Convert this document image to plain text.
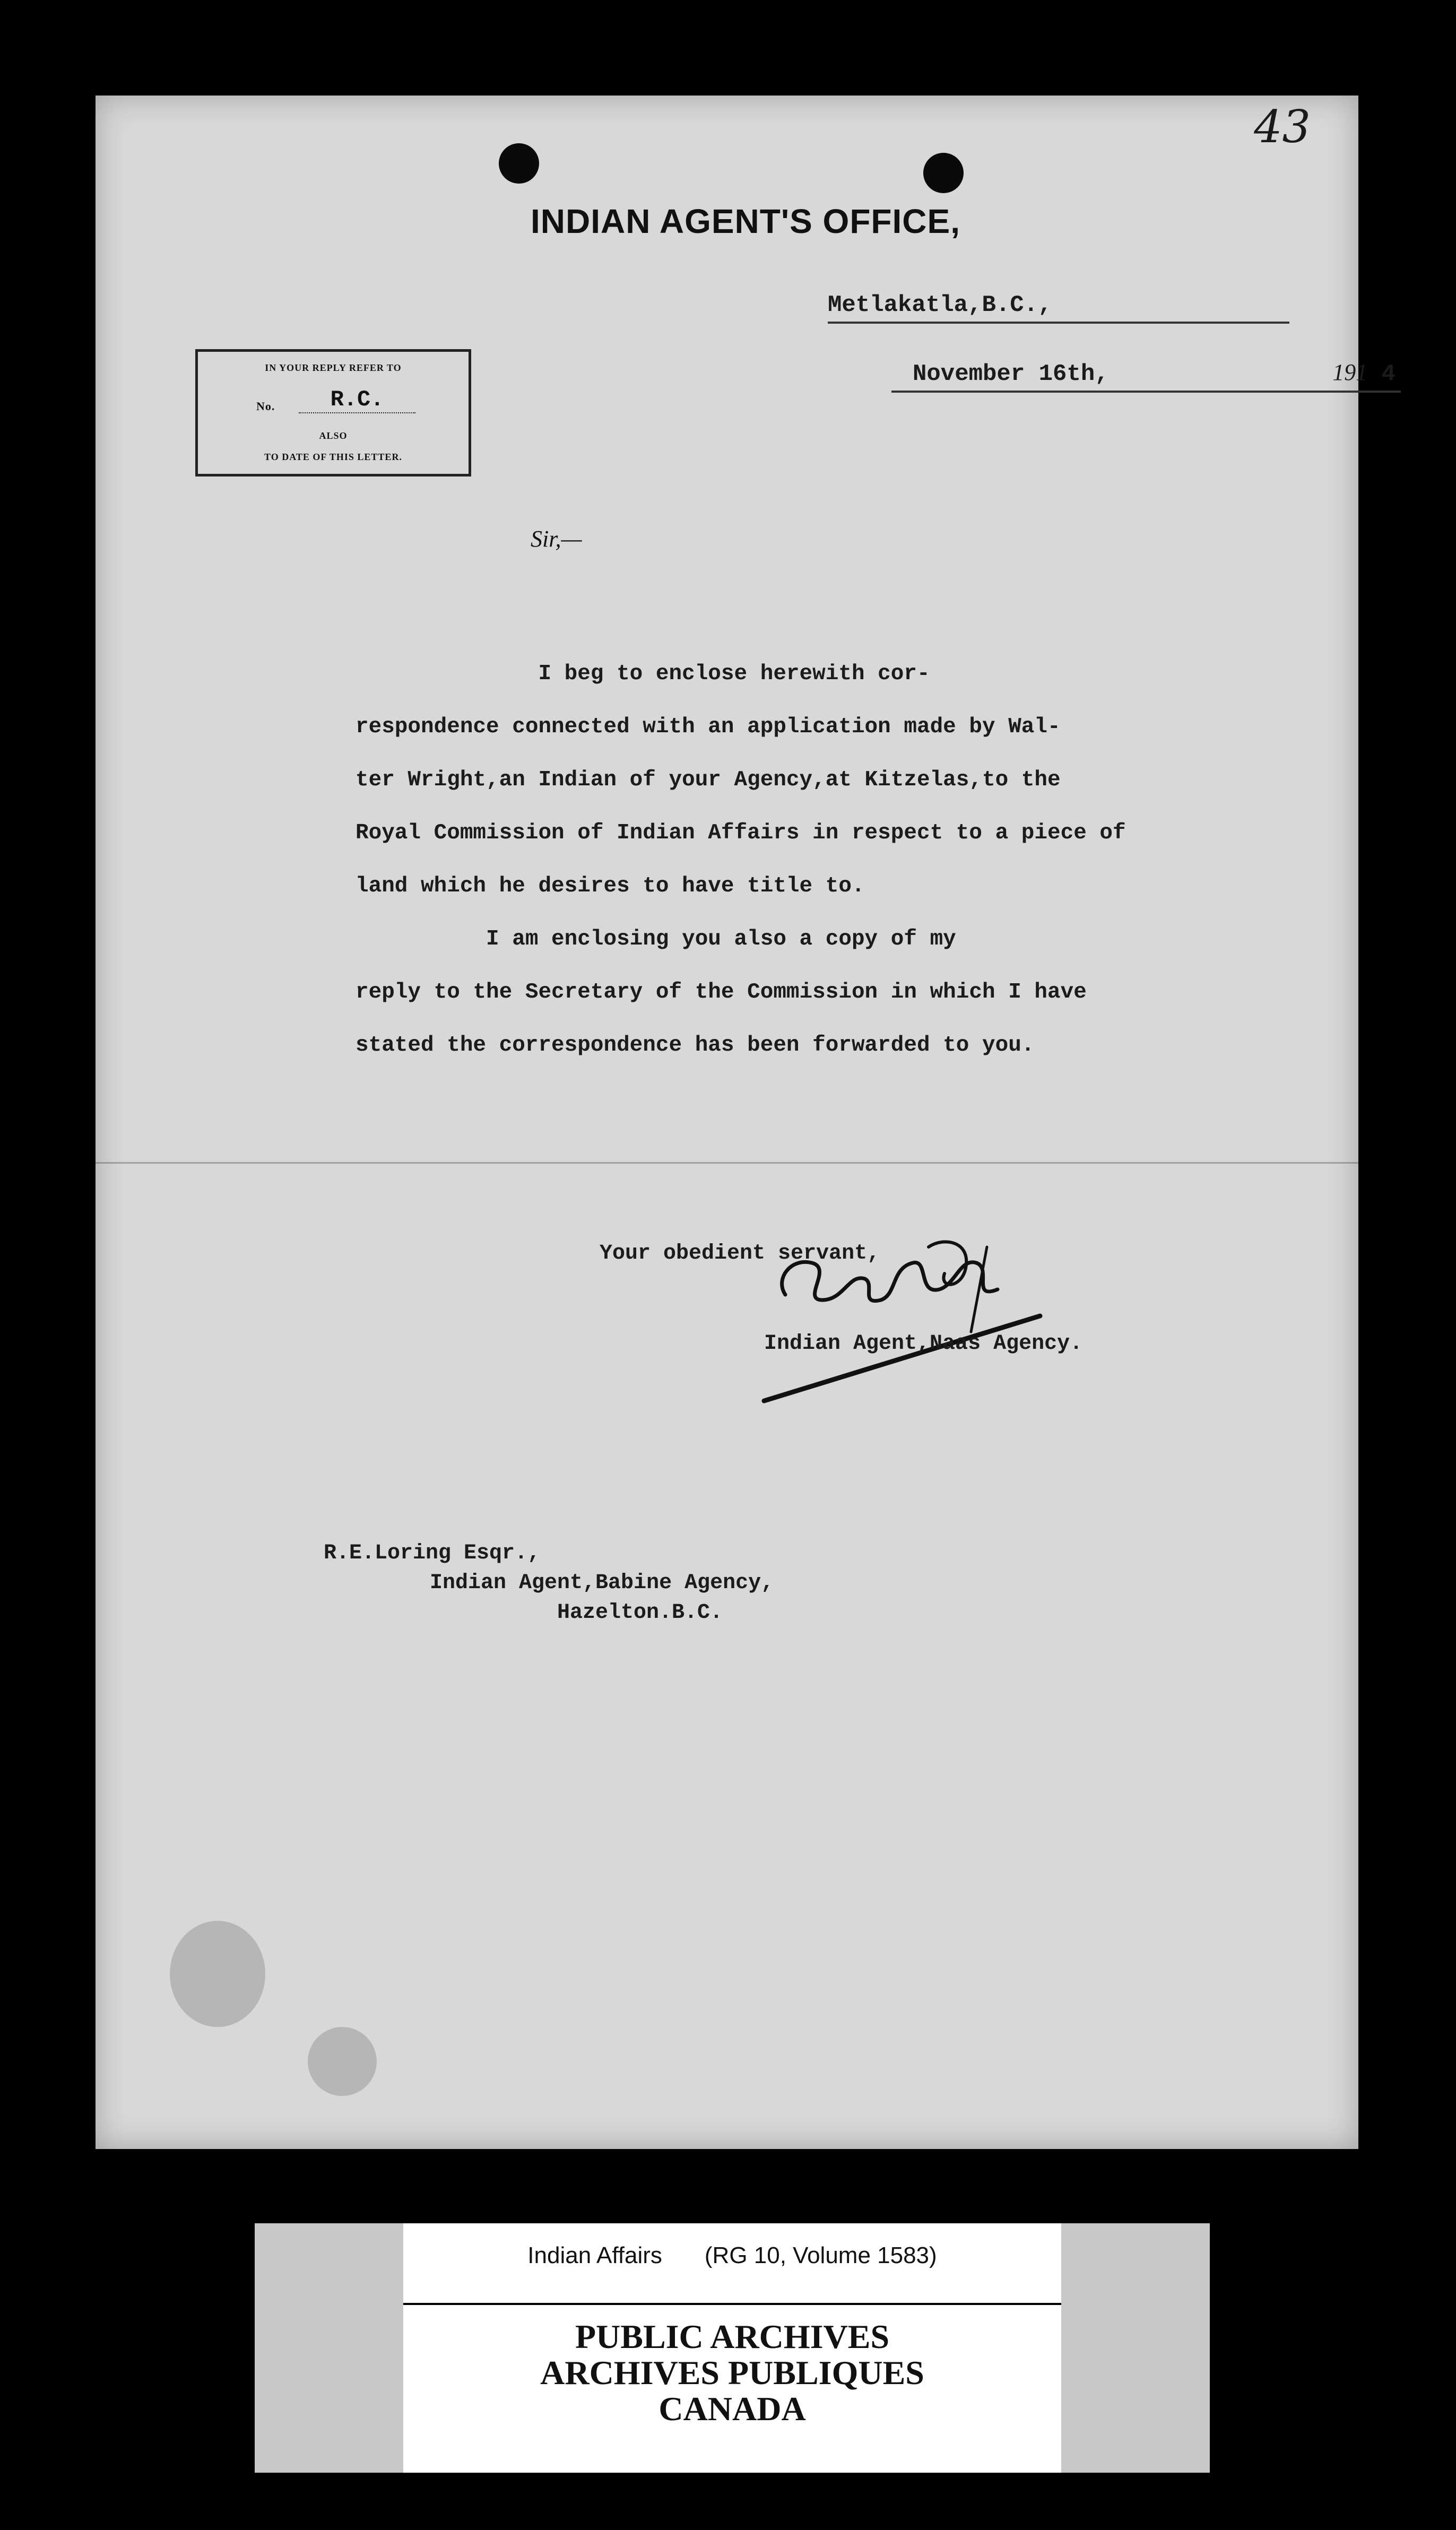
43
INDIAN AGENT'S OFFICE,
Metlakatla,B.C.,
November 16th,	191 4
IN YOUR REPLY REFER TO
No.	R.C.
ALSO
TO DATE OF THIS LETTER.
Sir,—
I beg to enclose herewith cor-
respondence connected with an application made by Wal-
ter Wright,an Indian of your Agency,at Kitzelas,to the
Royal Commission of Indian Affairs in respect to a piece of
land which he desires to have title to.
I am enclosing you also a copy of my
reply to the Secretary of the Commission in which I have
stated the correspondence has been forwarded to you.
Your obedient servant,
Indian Agent,Naas Agency.
R.E.Loring Esqr.,
Indian Agent,Babine Agency,
Hazelton.B.C.
Indian Affairs (RG 10, Volume 1583)
PUBLIC ARCHIVES
ARCHIVES PUBLIQUES
CANADA
